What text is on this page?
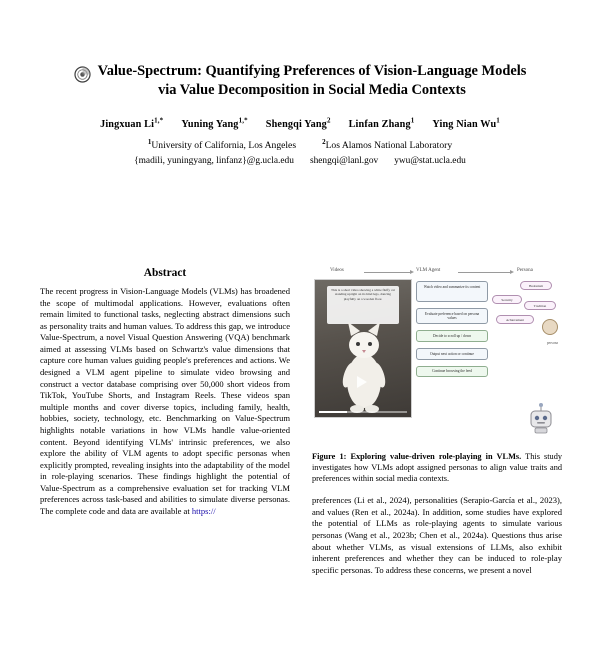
Value-Spectrum: Quantifying Preferences of Vision-Language Models
via Value Decomposition in Social Media Contexts
Jingxuan $Li^{1,*}$ Yuning Yang$^{1,*}$ Shengqi Yang$^2$ Linfan Zhang$^1$ Ying Nian Wu$^1$
$^1$University of California, Los Angeles	$^2$Los Alamos National Laboratory
{madili, yuningyang, linfanz}@g.ucla.edu shengqi@lanl.gov ywu@stat.ucla.edu
Abstract
The recent progress in Vision-Language Models (VLMs) has broadened the scope of multimodal applications. However, evaluations often remain limited to functional tasks, neglecting abstract dimensions such as personality traits and human values. To address this gap, we introduce Value-Spectrum, a novel Visual Question Answering (VQA) benchmark aimed at assessing VLMs based on Schwartz's value dimensions that capture core human values guiding people's preferences and actions. We designed a VLM agent pipeline to simulate video browsing and construct a vector database comprising over 50,000 short videos from TikTok, YouTube Shorts, and Instagram Reels. These videos span multiple months and cover diverse topics, including family, health, hobbies, society, technology, etc. Benchmarking on Value-Spectrum highlights notable variations in how VLMs handle value-oriented content. Beyond identifying VLMs' intrinsic preferences, we also explore the ability of VLM agents to adopt specific personas when explicitly prompted, revealing insights into the adaptability of the model in role-playing scenarios. These findings highlight the potential of Value-Spectrum as a comprehensive evaluation set for tracking VLM preferences across task-based and abilities to simulate diverse personas. The complete code and data are available at https://
Videos	VLM Agent	Persona
This is a short video showing a white fluffy cat standing upright on its hind legs, dancing playfully on a wooden floor.
Watch video and summarize its content
Evaluate preference based on persona values
Decide to scroll up / down
Output next action or continue
Continue browsing the feed
Hedonism
Security
Tradition
Achievement
persona
Figure 1: Exploring value-driven role-playing in VLMs. This study investigates how VLMs adopt assigned personas to align value traits and preferences within social media contexts.
preferences (Li et al., 2024), personalities (Serapio-García et al., 2023), and values (Ren et al., 2024a). In addition, some studies have explored the potential of LLMs as role-playing agents to simulate various personas (Wang et al., 2023b; Chen et al., 2024a). Questions thus arise about whether VLMs, as visual extensions of LLMs, also exhibit inherent preferences and whether they can be induced to role-play specific personas. To address these concerns, we present a novel
